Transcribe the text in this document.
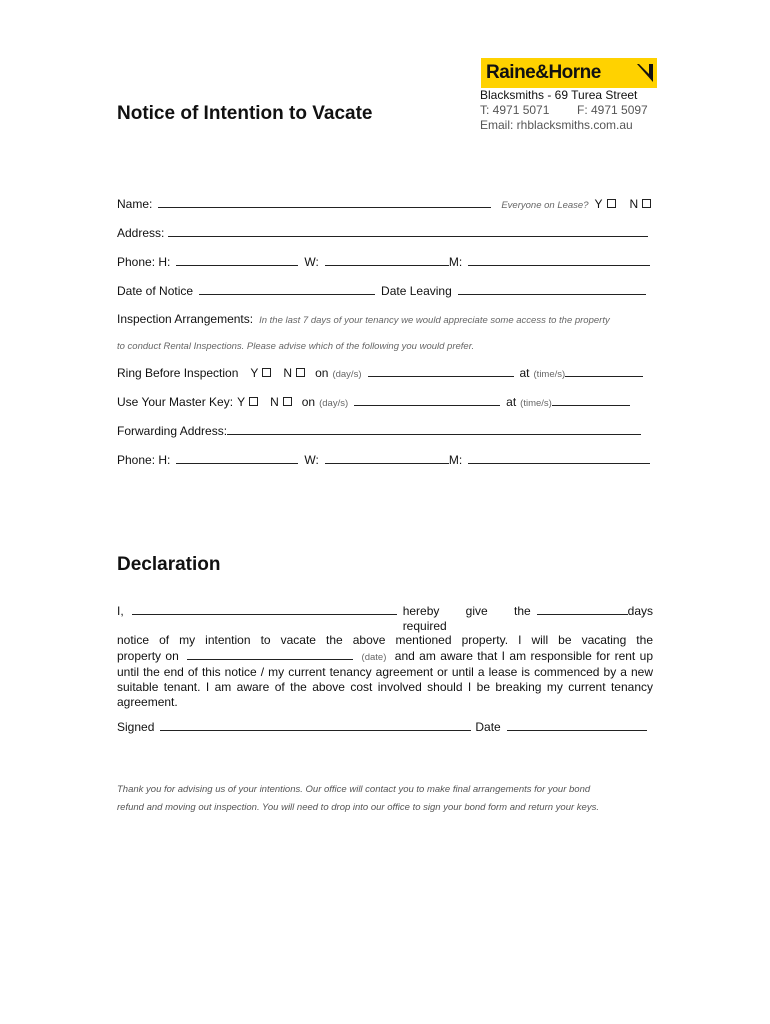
Raine&Horne
Blacksmiths - 69 Turea Street
T: 4971 5071 F: 4971 5097
Email: rhblacksmiths.com.au
Notice of Intention to Vacate
Name:	Everyone on Lease? Y N
Address:
Phone: H:	W:	M:
Date of Notice	Date Leaving
Inspection Arrangements: In the last 7 days of your tenancy we would appreciate some access to the property
to conduct Rental Inspections. Please advise which of the following you would prefer.
Ring Before Inspection Y N on (day/s)	at (time/s)
Use Your Master Key: Y N on (day/s)	at (time/s)
Forwarding Address:
Phone: H:	W:	M:
Declaration
I,	hereby give the required
days
notice of my intention to vacate the above mentioned property. I will be vacating the
property on	(date) and am aware that I am responsible for rent up until the end of this notice / my current tenancy agreement or until a lease is commenced by a new suitable tenant. I am aware of the above cost involved should I be breaking my current tenancy agreement.
Signed	Date
Thank you for advising us of your intentions. Our office will contact you to make final arrangements for your bond
refund and moving out inspection. You will need to drop into our office to sign your bond form and return your keys.
